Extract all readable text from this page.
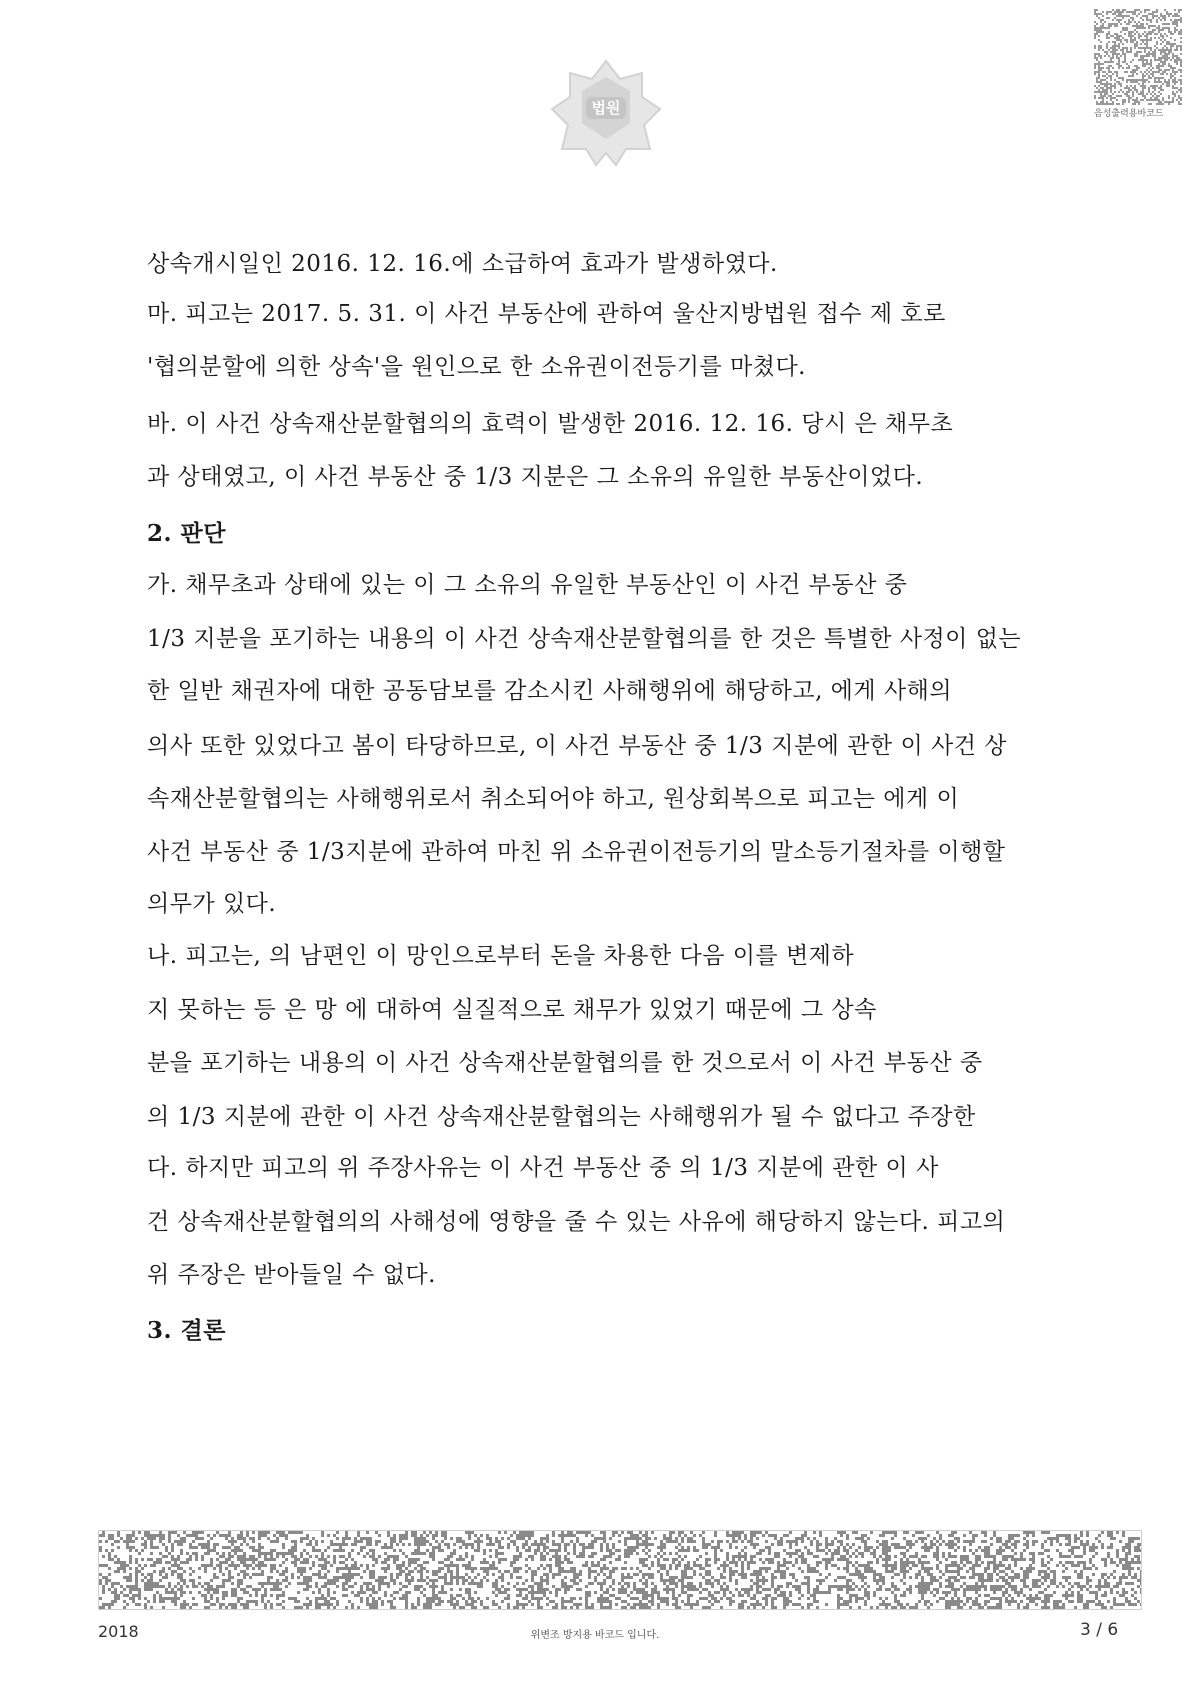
법원	음성출력용바코드
상속개시일인 2016. 12. 16.에 소급하여 효과가 발생하였다.
마. 피고는 2017. 5. 31. 이 사건 부동산에 관하여 울산지방법원 접수 제 호로
'협의분할에 의한 상속'을 원인으로 한 소유권이전등기를 마쳤다.
바. 이 사건 상속재산분할협의의 효력이 발생한 2016. 12. 16. 당시 은 채무초
과 상태였고, 이 사건 부동산 중 1/3 지분은 그 소유의 유일한 부동산이었다.
2. 판단
가. 채무초과 상태에 있는 이 그 소유의 유일한 부동산인 이 사건 부동산 중
1/3 지분을 포기하는 내용의 이 사건 상속재산분할협의를 한 것은 특별한 사정이 없는
한 일반 채권자에 대한 공동담보를 감소시킨 사해행위에 해당하고, 에게 사해의
의사 또한 있었다고 봄이 타당하므로, 이 사건 부동산 중 1/3 지분에 관한 이 사건 상
속재산분할협의는 사해행위로서 취소되어야 하고, 원상회복으로 피고는 에게 이
사건 부동산 중 1/3지분에 관하여 마친 위 소유권이전등기의 말소등기절차를 이행할
의무가 있다.
나. 피고는, 의 남편인 이 망인으로부터 돈을 차용한 다음 이를 변제하
지 못하는 등 은 망 에 대하여 실질적으로 채무가 있었기 때문에 그 상속
분을 포기하는 내용의 이 사건 상속재산분할협의를 한 것으로서 이 사건 부동산 중
의 1/3 지분에 관한 이 사건 상속재산분할협의는 사해행위가 될 수 없다고 주장한
다. 하지만 피고의 위 주장사유는 이 사건 부동산 중 의 1/3 지분에 관한 이 사
건 상속재산분할협의의 사해성에 영향을 줄 수 있는 사유에 해당하지 않는다. 피고의
위 주장은 받아들일 수 없다.
3. 결론
2018	위변조 방지용 바코드 입니다.	3 / 6
